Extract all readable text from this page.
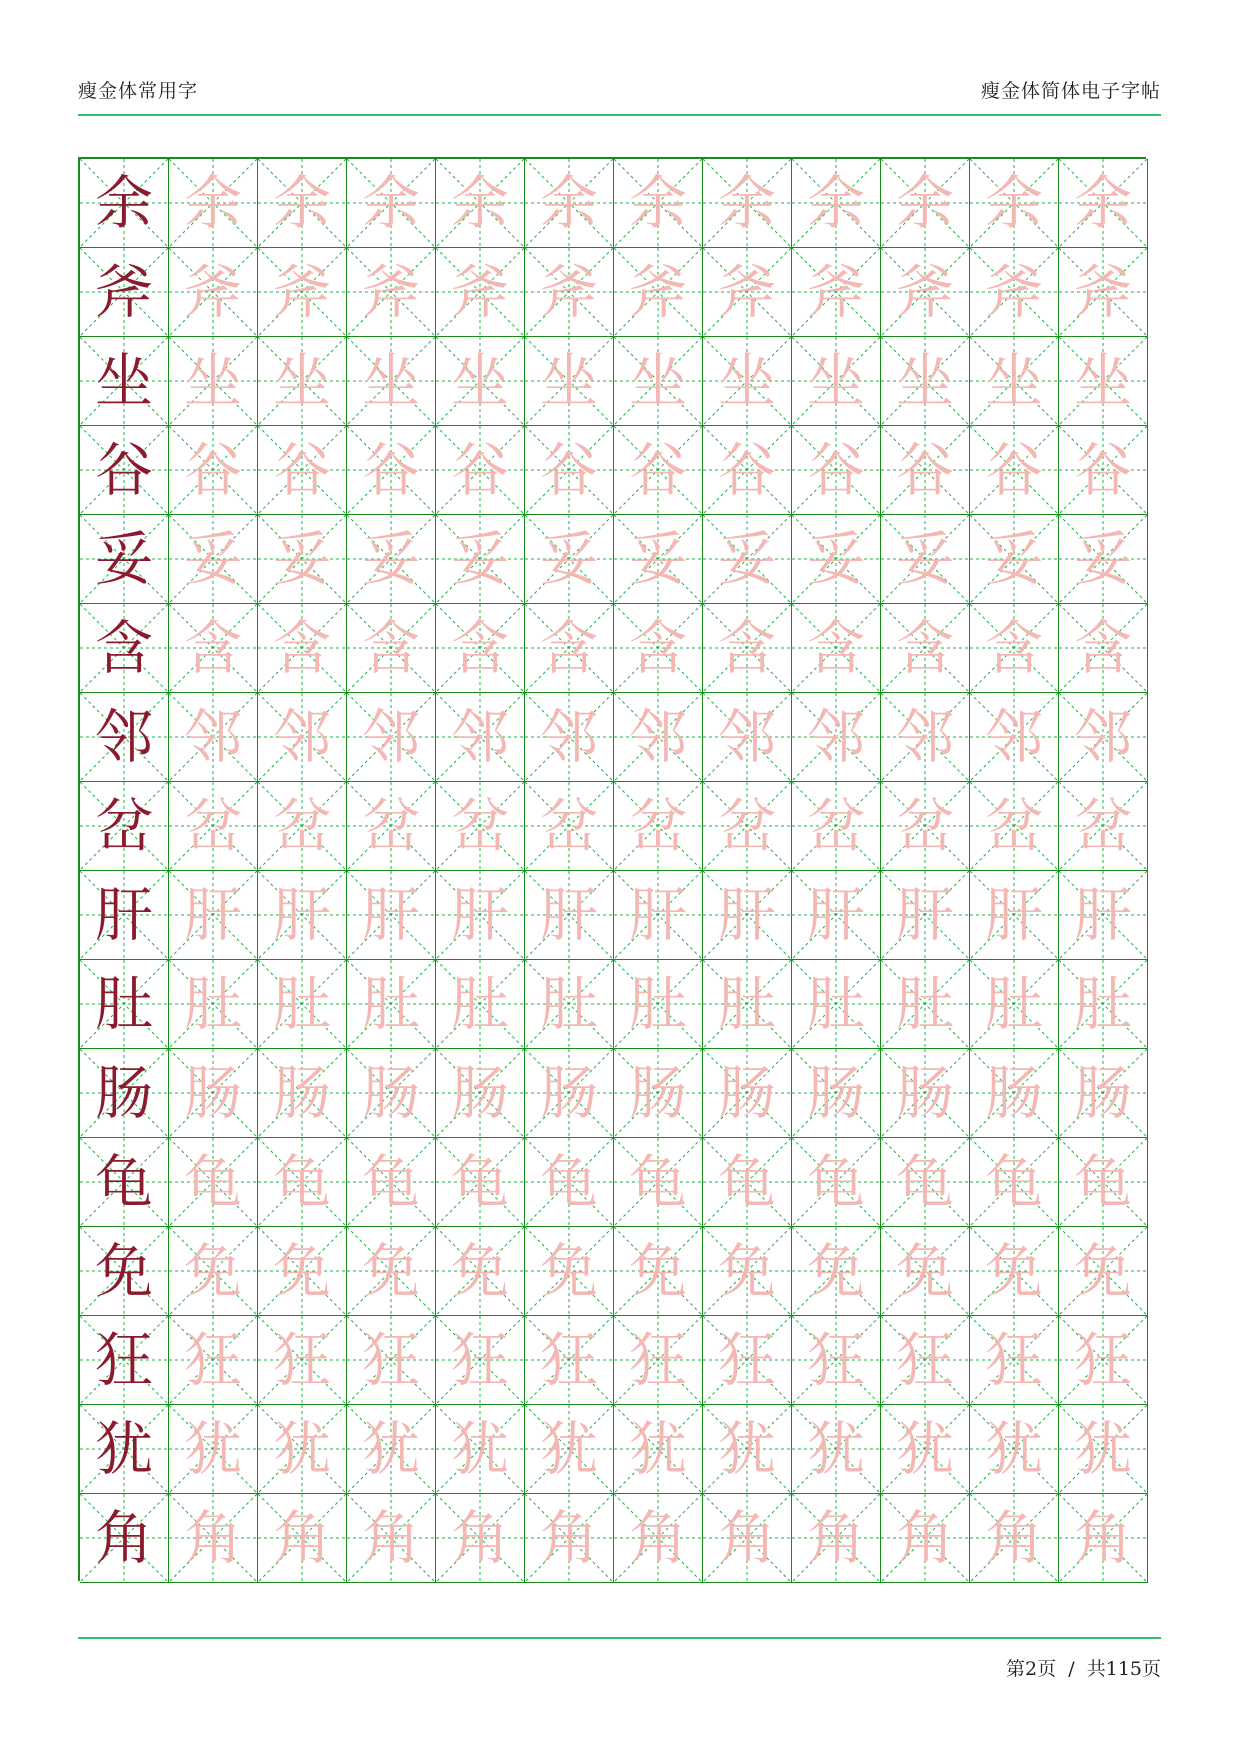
瘦金体常用字	瘦金体简体电子字帖
余 余 余 余 余 余 余 余 余 余 余 余
斧 斧 斧 斧 斧 斧 斧 斧 斧 斧 斧 斧
坐 坐 坐 坐 坐 坐 坐 坐 坐 坐 坐 坐
谷 谷 谷 谷 谷 谷 谷 谷 谷 谷 谷 谷
妥 妥 妥 妥 妥 妥 妥 妥 妥 妥 妥 妥
含 含 含 含 含 含 含 含 含 含 含 含
邻 邻 邻 邻 邻 邻 邻 邻 邻 邻 邻 邻
岔 岔 岔 岔 岔 岔 岔 岔 岔 岔 岔 岔
肝 肝 肝 肝 肝 肝 肝 肝 肝 肝 肝 肝
肚 肚 肚 肚 肚 肚 肚 肚 肚 肚 肚 肚
肠 肠 肠 肠 肠 肠 肠 肠 肠 肠 肠 肠
龟 龟 龟 龟 龟 龟 龟 龟 龟 龟 龟 龟
免 免 免 免 免 免 免 免 免 免 免 免
狂 狂 狂 狂 狂 狂 狂 狂 狂 狂 狂 狂
犹 犹 犹 犹 犹 犹 犹 犹 犹 犹 犹 犹
角 角 角 角 角 角 角 角 角 角 角 角
第2页 / 共115页
